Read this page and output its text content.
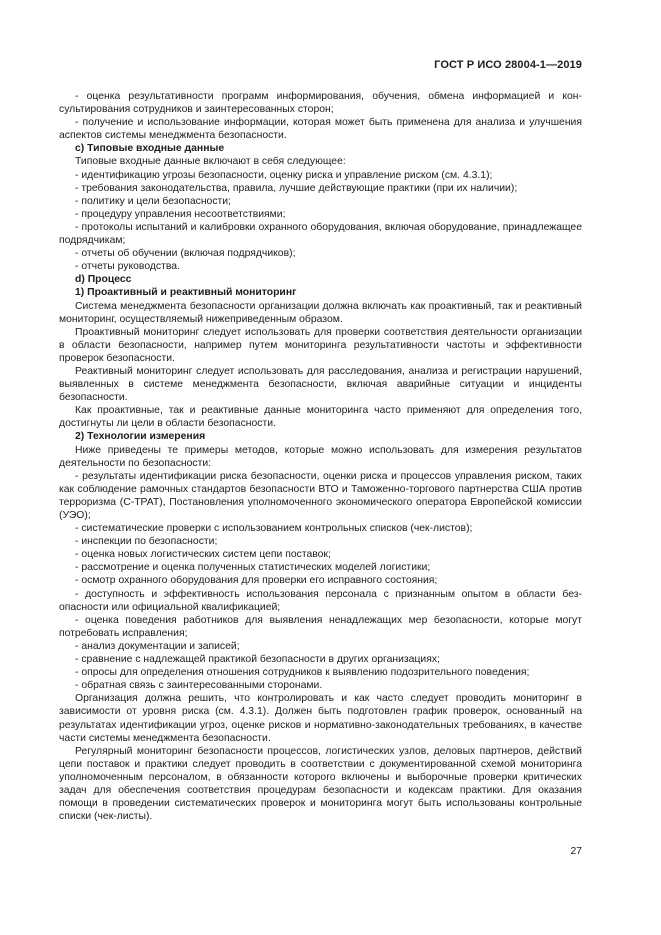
ГОСТ Р ИСО 28004-1—2019

- оценка результативности программ информирования, обучения, обмена информацией и консультирования сотрудников и заинтересованных сторон;

- получение и использование информации, которая может быть применена для анализа и улучшения аспектов системы менеджмента безопасности.

с) Типовые входные данные

Типовые входные данные включают в себя следующее:

- идентификацию угрозы безопасности, оценку риска и управление риском (см. 4.3.1);

- требования законодательства, правила, лучшие действующие практики (при их наличии);

- политику и цели безопасности;

- процедуру управления несоответствиями;

- протоколы испытаний и калибровки охранного оборудования, включая оборудование, принадлежащее подрядчикам;

- отчеты об обучении (включая подрядчиков);

- отчеты руководства.

d) Процесс

1) Проактивный и реактивный мониторинг

Система менеджмента безопасности организации должна включать как проактивный, так и реактивный мониторинг, осуществляемый нижеприведенным образом.

Проактивный мониторинг следует использовать для проверки соответствия деятельности организации в области безопасности, например путем мониторинга результативности частоты и эффективности проверок безопасности.

Реактивный мониторинг следует использовать для расследования, анализа и регистрации нарушений, выявленных в системе менеджмента безопасности, включая аварийные ситуации и инциденты безопасности.

Как проактивные, так и реактивные данные мониторинга часто применяют для определения того, достигнуты ли цели в области безопасности.

2) Технологии измерения

Ниже приведены те примеры методов, которые можно использовать для измерения результатов деятельности по безопасности:

- результаты идентификации риска безопасности, оценки риска и процессов управления риском, таких как соблюдение рамочных стандартов безопасности ВТО и Таможенно-торгового партнерства США против терроризма (C-TPAT), Постановления уполномоченного экономического оператора Европейской комиссии (УЭО);

- систематические проверки с использованием контрольных списков (чек-листов);

- инспекции по безопасности;

- оценка новых логистических систем цепи поставок;

- рассмотрение и оценка полученных статистических моделей логистики;

- осмотр охранного оборудования для проверки его исправного состояния;

- доступность и эффективность использования персонала с признанным опытом в области безопасности или официальной квалификацией;

- оценка поведения работников для выявления ненадлежащих мер безопасности, которые могут потребовать исправления;

- анализ документации и записей;

- сравнение с надлежащей практикой безопасности в других организациях;

- опросы для определения отношения сотрудников к выявлению подозрительного поведения;

- обратная связь с заинтересованными сторонами.

Организация должна решить, что контролировать и как часто следует проводить мониторинг в зависимости от уровня риска (см. 4.3.1). Должен быть подготовлен график проверок, основанный на результатах идентификации угроз, оценке рисков и нормативно-законодательных требованиях, в качестве части системы менеджмента безопасности.

Регулярный мониторинг безопасности процессов, логистических узлов, деловых партнеров, действий цепи поставок и практики следует проводить в соответствии с документированной схемой мониторинга уполномоченным персоналом, в обязанности которого включены и выборочные проверки критических задач для обеспечения соответствия процедурам безопасности и кодексам практики. Для оказания помощи в проведении систематических проверок и мониторинга могут быть использованы контрольные списки (чек-листы).

27
